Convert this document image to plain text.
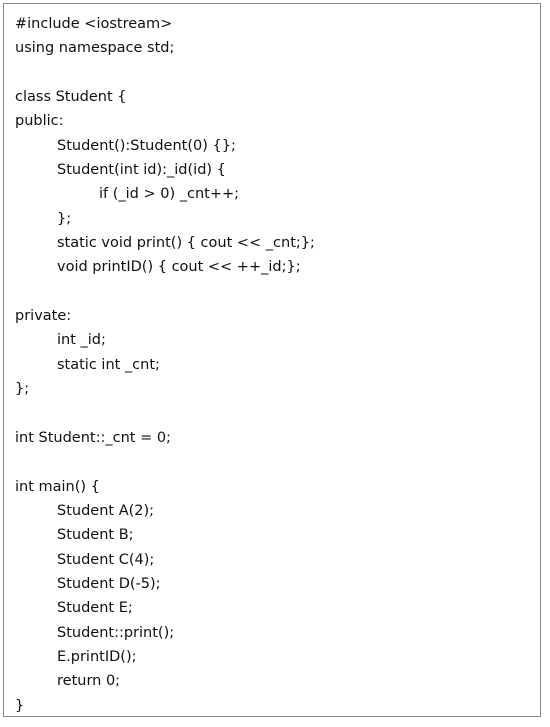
#include <iostream>
using namespace std;
class Student {
public:
Student():Student(0) {};
Student(int id):_id(id) {
if (_id > 0) _cnt++;
};
static void print() { cout << _cnt;};
void printID() { cout << ++_id;};
private:
int _id;
static int _cnt;
};
int Student::_cnt = 0;
int main() {
Student A(2);
Student B;
Student C(4);
Student D(-5);
Student E;
Student::print();
E.printID();
return 0;
}
